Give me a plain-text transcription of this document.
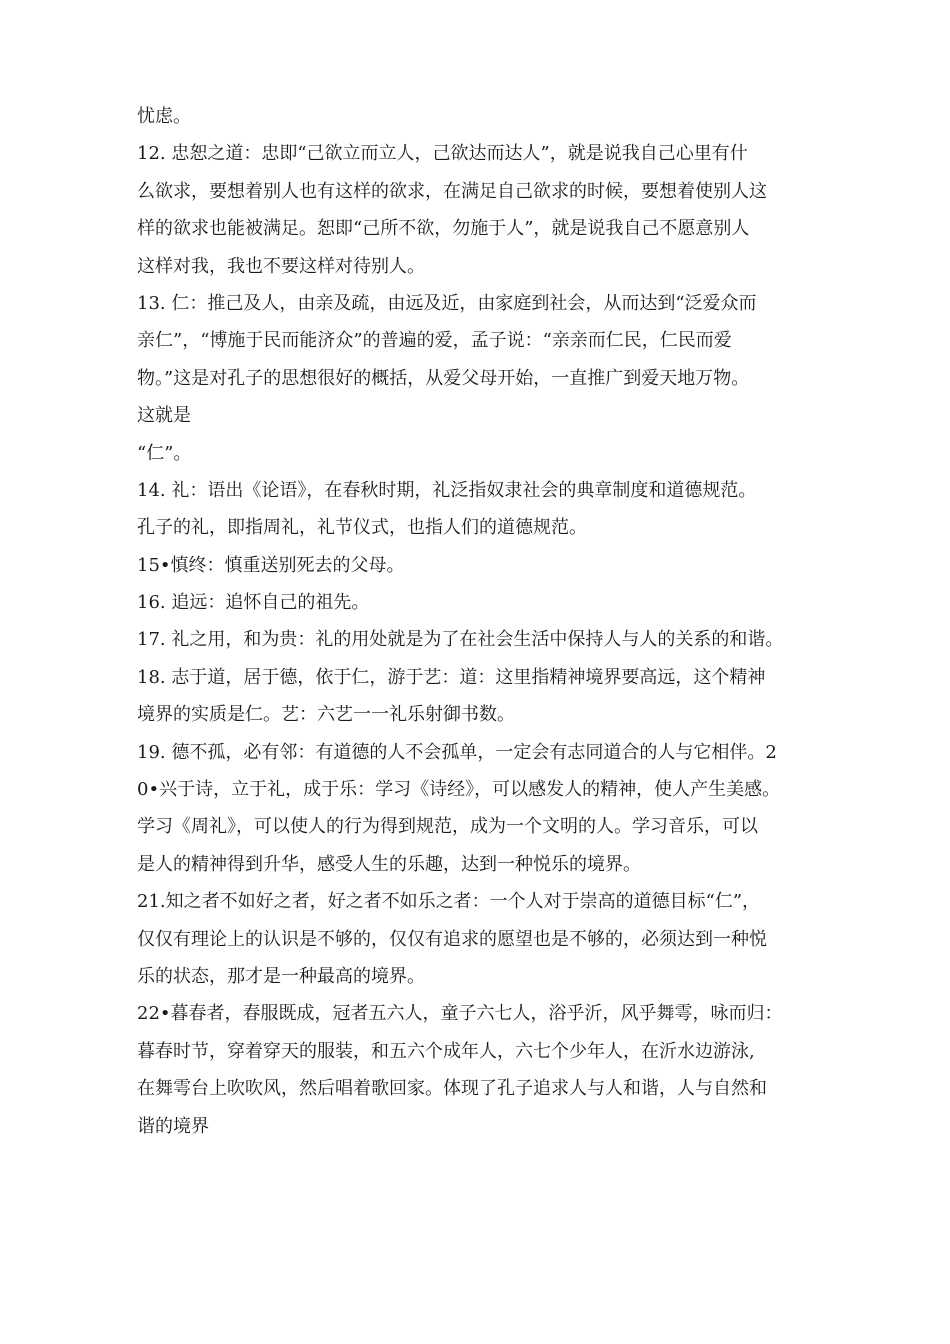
忧虑。
12. 忠恕之道：忠即“己欲立而立人，己欲达而达人”，就是说我自己心里有什
么欲求，要想着别人也有这样的欲求，在满足自己欲求的时候，要想着使别人这
样的欲求也能被满足。恕即“己所不欲，勿施于人”，就是说我自己不愿意别人
这样对我，我也不要这样对待别人。
13. 仁：推己及人，由亲及疏，由远及近，由家庭到社会，从而达到“泛爱众而
亲仁”，“博施于民而能济众”的普遍的爱，孟子说：“亲亲而仁民，仁民而爱
物。”这是对孔子的思想很好的概括，从爱父母开始，一直推广到爱天地万物。
这就是
“仁”。
14. 礼：语出《论语》，在春秋时期，礼泛指奴隶社会的典章制度和道德规范。
孔子的礼，即指周礼，礼节仪式，也指人们的道德规范。
15•慎终：慎重送别死去的父母。
16. 追远：追怀自己的祖先。
17. 礼之用，和为贵：礼的用处就是为了在社会生活中保持人与人的关系的和谐。
18. 志于道，居于德，依于仁，游于艺：道：这里指精神境界要高远，这个精神
境界的实质是仁。艺：六艺一一礼乐射御书数。
19. 德不孤，必有邻：有道德的人不会孤单，一定会有志同道合的人与它相伴。2
0•兴于诗，立于礼，成于乐：学习《诗经》，可以感发人的精神，使人产生美感。
学习《周礼》，可以使人的行为得到规范，成为一个文明的人。学习音乐，可以
是人的精神得到升华，感受人生的乐趣，达到一种悦乐的境界。
21.知之者不如好之者，好之者不如乐之者：一个人对于崇高的道德目标“仁”，
仅仅有理论上的认识是不够的，仅仅有追求的愿望也是不够的，必须达到一种悦
乐的状态，那才是一种最高的境界。
22•暮春者，春服既成，冠者五六人，童子六七人，浴乎沂，风乎舞雩，咏而归：
暮春时节，穿着穿天的服装，和五六个成年人，六七个少年人，在沂水边游泳,
在舞雩台上吹吹风，然后唱着歌回家。体现了孔子追求人与人和谐，人与自然和
谐的境界
